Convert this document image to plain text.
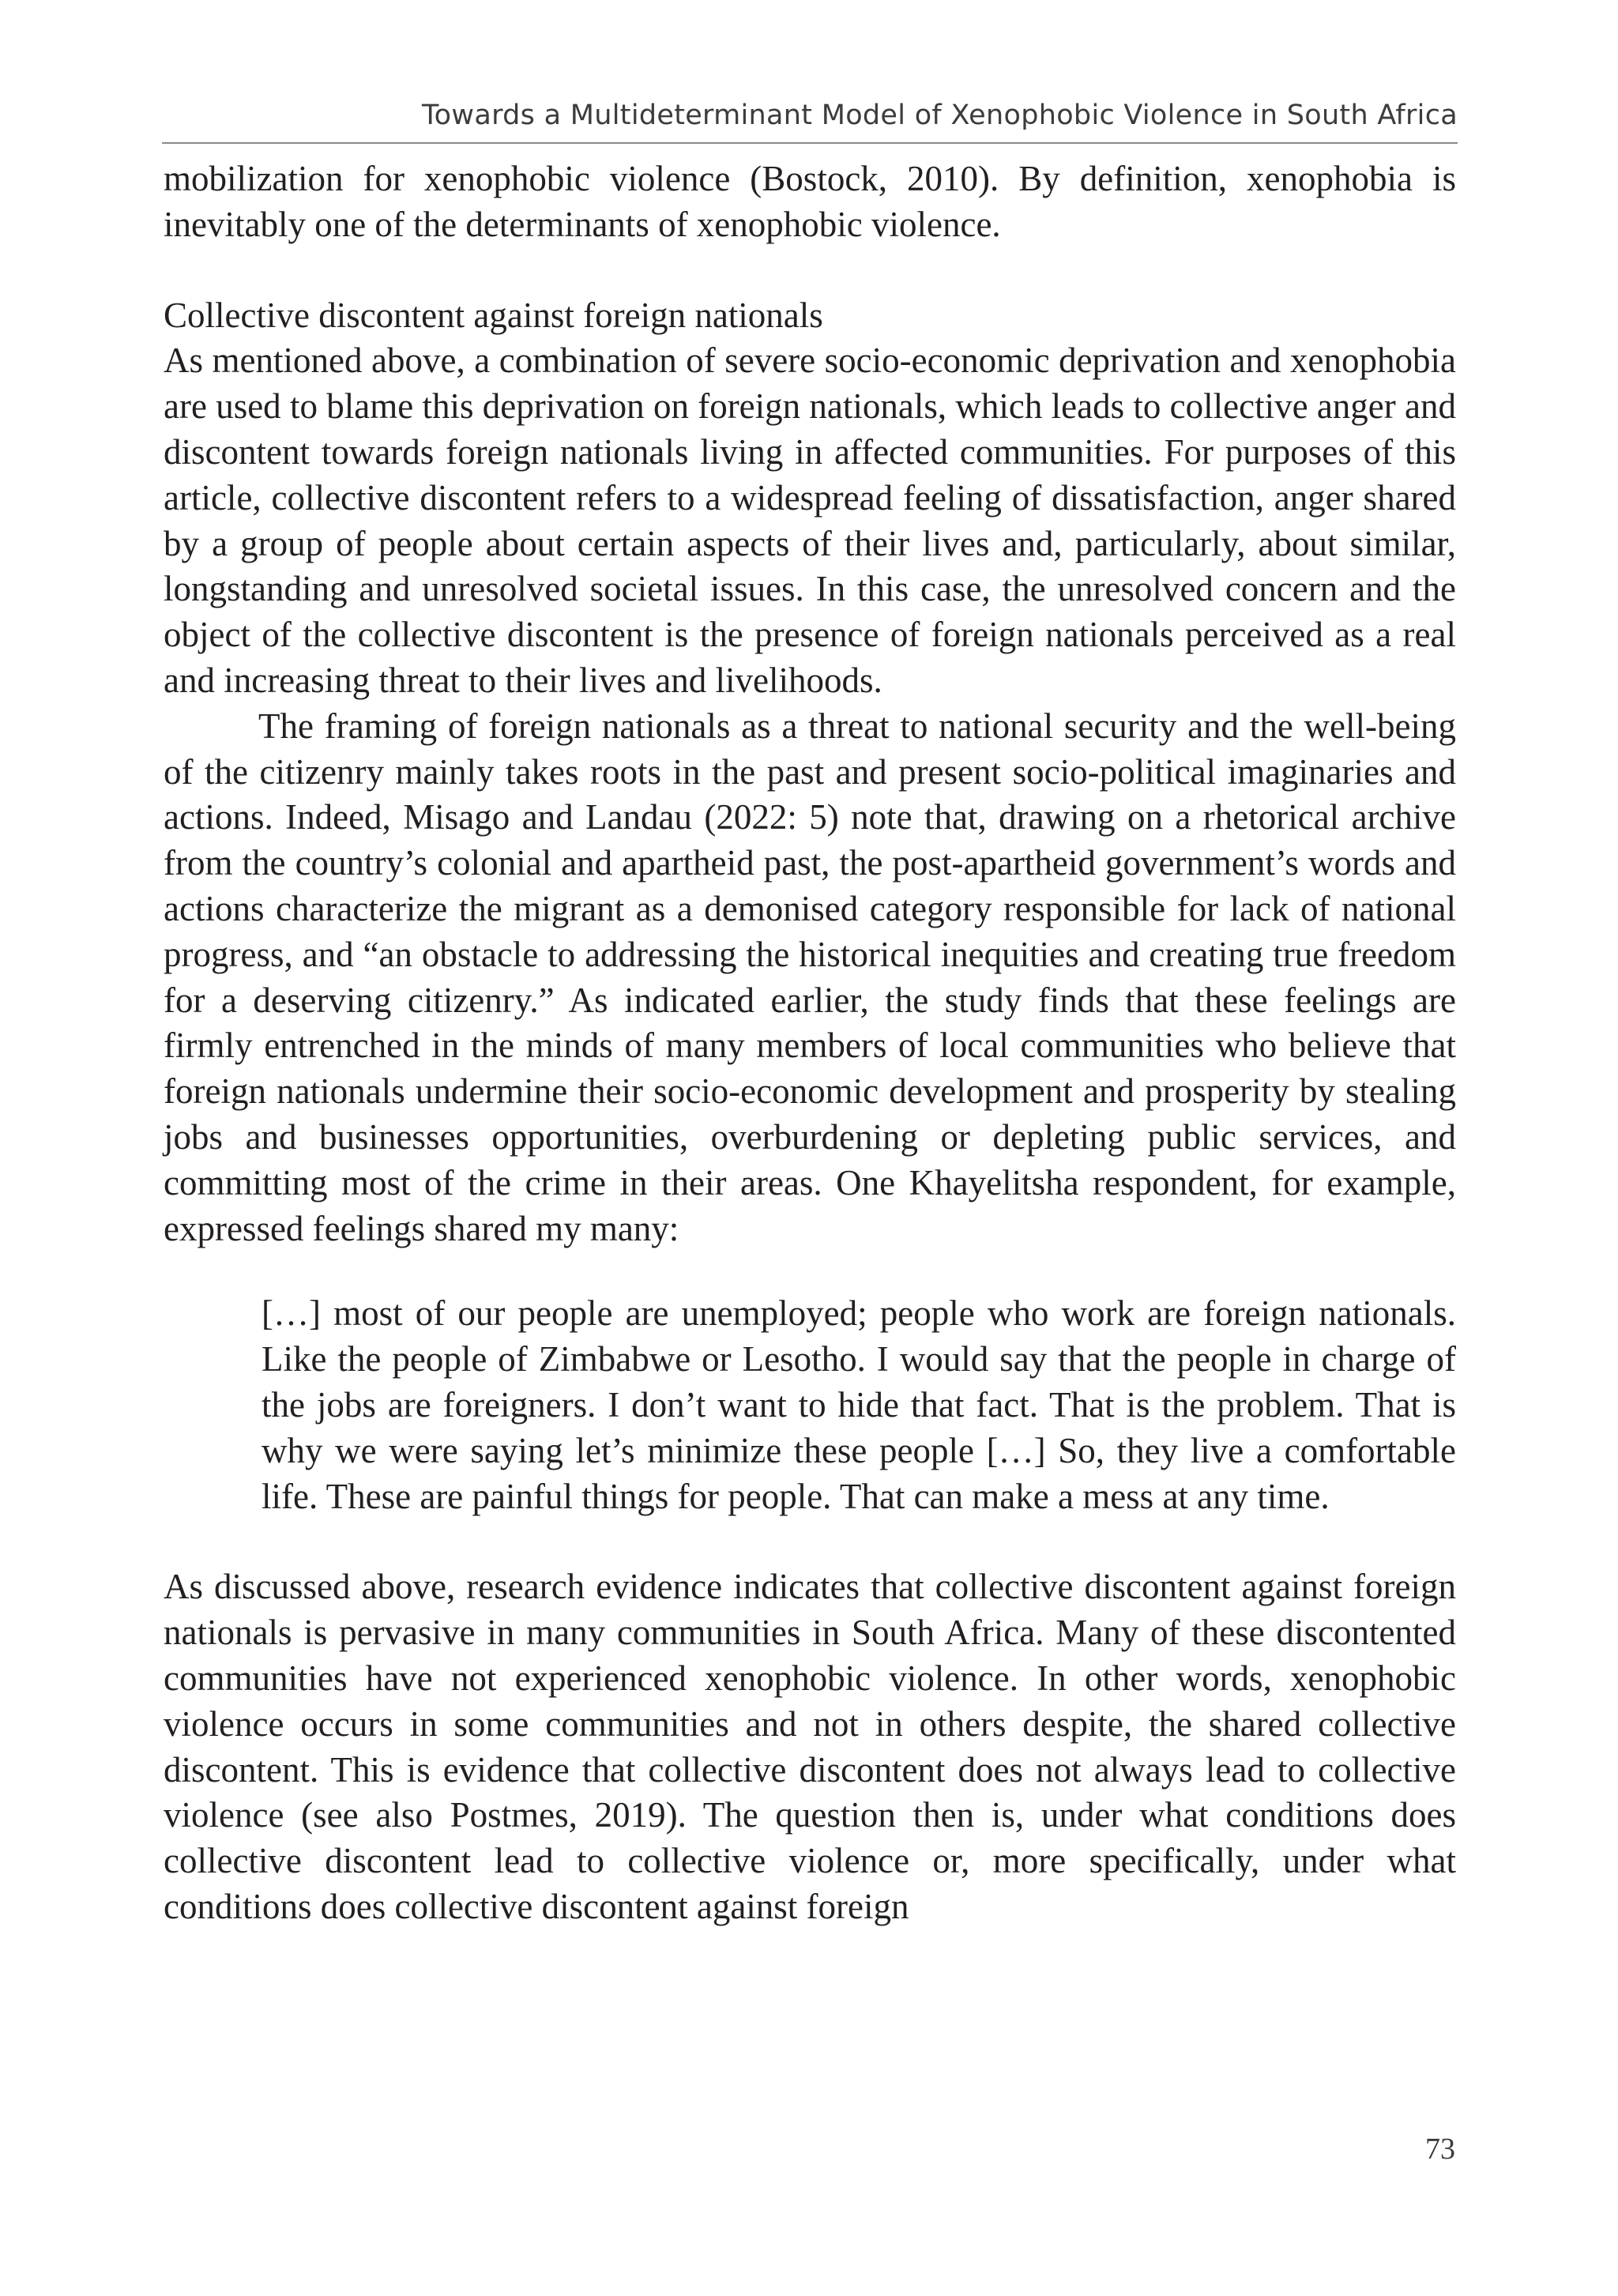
Towards a Multideterminant Model of Xenophobic Violence in South Africa

mobilization for xenophobic violence (Bostock, 2010). By definition, xenophobia is inevitably one of the determinants of xenophobic violence.

Collective discontent against foreign nationals

As mentioned above, a combination of severe socio-economic deprivation and xenophobia are used to blame this deprivation on foreign nationals, which leads to collective anger and discontent towards foreign nationals living in affected communities. For purposes of this article, collective discontent refers to a widespread feeling of dissatisfaction, anger shared by a group of people about certain aspects of their lives and, particularly, about similar, longstanding and unresolved societal issues. In this case, the unresolved concern and the object of the collective discontent is the presence of foreign nationals perceived as a real and increasing threat to their lives and livelihoods.

The framing of foreign nationals as a threat to national security and the well-being of the citizenry mainly takes roots in the past and present socio-political imaginaries and actions. Indeed, Misago and Landau (2022: 5) note that, drawing on a rhetorical archive from the country’s colonial and apartheid past, the post-apartheid government’s words and actions characterize the migrant as a demonised category responsible for lack of national progress, and “an obstacle to addressing the historical inequities and creating true freedom for a deserving citizenry.” As indicated earlier, the study finds that these feelings are firmly entrenched in the minds of many members of local communities who believe that foreign nationals undermine their socio-economic development and prosperity by stealing jobs and businesses opportunities, overburdening or depleting public services, and committing most of the crime in their areas. One Khayelitsha respondent, for example, expressed feelings shared my many:

[…] most of our people are unemployed; people who work are foreign nationals. Like the people of Zimbabwe or Lesotho. I would say that the people in charge of the jobs are foreigners. I don’t want to hide that fact. That is the problem. That is why we were saying let’s minimize these people […] So, they live a comfortable life. These are painful things for people. That can make a mess at any time.

As discussed above, research evidence indicates that collective discontent against foreign nationals is pervasive in many communities in South Africa. Many of these discontented communities have not experienced xenophobic violence. In other words, xenophobic violence occurs in some communities and not in others despite, the shared collective discontent. This is evidence that collective discontent does not always lead to collective violence (see also Postmes, 2019). The question then is, under what conditions does collective discontent lead to collective violence or, more specifically, under what conditions does collective discontent against foreign

73
